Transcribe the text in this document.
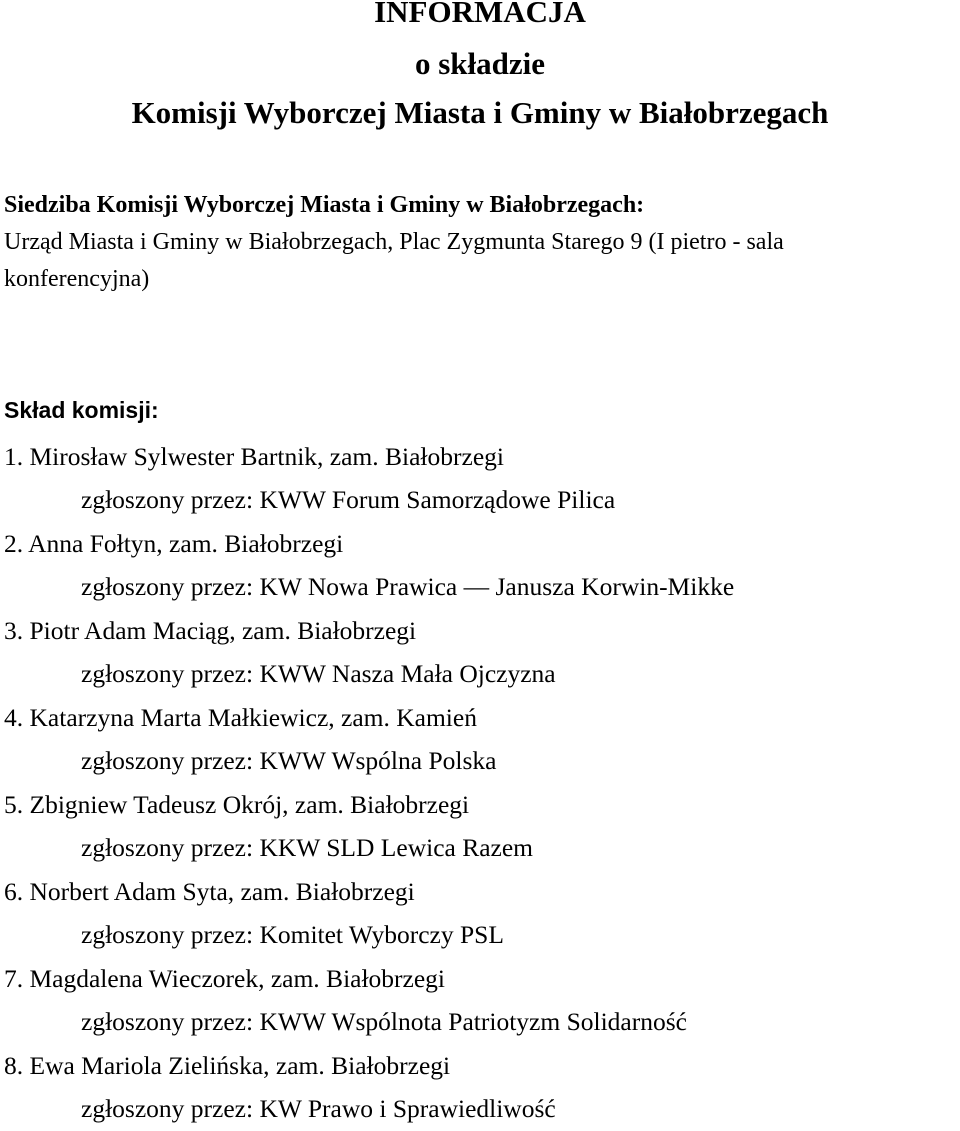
INFORMACJA
o składzie
Komisji Wyborczej Miasta i Gminy w Białobrzegach
Siedziba Komisji Wyborczej Miasta i Gminy w Białobrzegach:
Urząd Miasta i Gminy w Białobrzegach, Plac Zygmunta Starego 9 (I pietro - sala
konferencyjna)
Skład komisji:
1. Mirosław Sylwester Bartnik, zam. Białobrzegi
zgłoszony przez: KWW Forum Samorządowe Pilica
2. Anna Fołtyn, zam. Białobrzegi
zgłoszony przez: KW Nowa Prawica — Janusza Korwin-Mikke
3. Piotr Adam Maciąg, zam. Białobrzegi
zgłoszony przez: KWW Nasza Mała Ojczyzna
4. Katarzyna Marta Małkiewicz, zam. Kamień
zgłoszony przez: KWW Wspólna Polska
5. Zbigniew Tadeusz Okrój, zam. Białobrzegi
zgłoszony przez: KKW SLD Lewica Razem
6. Norbert Adam Syta, zam. Białobrzegi
zgłoszony przez: Komitet Wyborczy PSL
7. Magdalena Wieczorek, zam. Białobrzegi
zgłoszony przez: KWW Wspólnota Patriotyzm Solidarność
8. Ewa Mariola Zielińska, zam. Białobrzegi
zgłoszony przez: KW Prawo i Sprawiedliwość
